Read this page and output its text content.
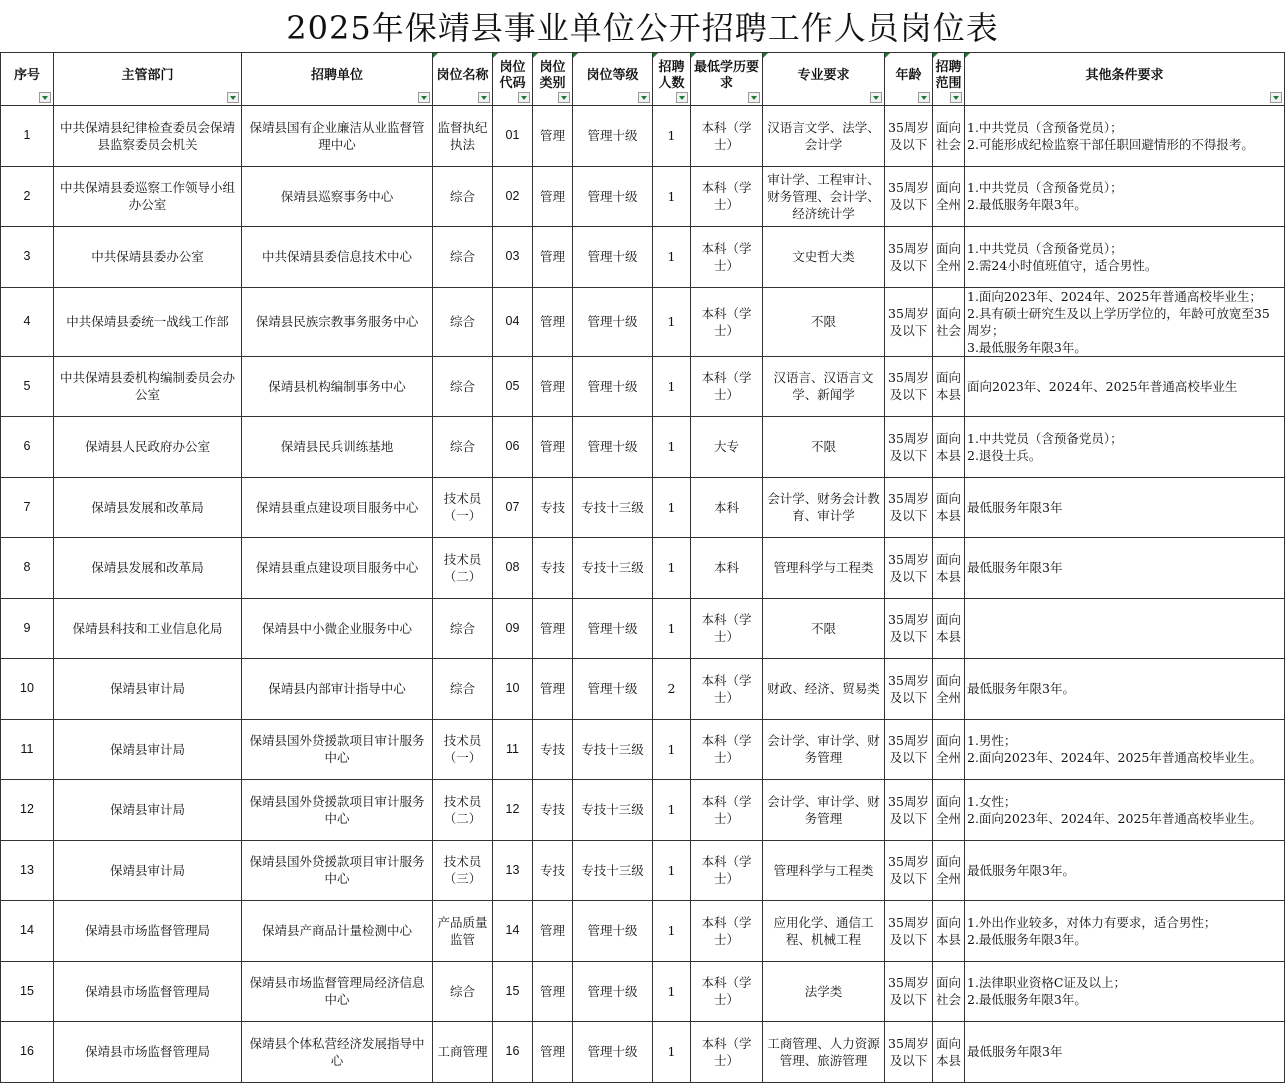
2025年保靖县事业单位公开招聘工作人员岗位表
序号	主管部门	招聘单位	岗位名称	岗位代码	岗位类别	岗位等级	招聘人数	最低学历要求	专业要求	年龄	招聘范围	其他条件要求

1	中共保靖县纪律检查委员会保靖县监察委员会机关	保靖县国有企业廉洁从业监督管理中心	监督执纪执法	01	管理	管理十级	1	本科（学士）	汉语言文学、法学、会计学	35周岁及以下	面向社会	1.中共党员（含预备党员）；
2.可能形成纪检监察干部任职回避情形的不得报考。
2	中共保靖县委巡察工作领导小组办公室	保靖县巡察事务中心	综合	02	管理	管理十级	1	本科（学士）	审计学、工程审计、财务管理、会计学、经济统计学	35周岁及以下	面向全州	1.中共党员（含预备党员）；
2.最低服务年限3年。
3	中共保靖县委办公室	中共保靖县委信息技术中心	综合	03	管理	管理十级	1	本科（学士）	文史哲大类	35周岁及以下	面向全州	1.中共党员（含预备党员）；
2.需24小时值班值守，适合男性。
4	中共保靖县委统一战线工作部	保靖县民族宗教事务服务中心	综合	04	管理	管理十级	1	本科（学士）	不限	35周岁及以下	面向社会	1.面向2023年、2024年、2025年普通高校毕业生；
2.具有硕士研究生及以上学历学位的，年龄可放宽至35周岁；
3.最低服务年限3年。
5	中共保靖县委机构编制委员会办公室	保靖县机构编制事务中心	综合	05	管理	管理十级	1	本科（学士）	汉语言、汉语言文学、新闻学	35周岁及以下	面向本县	面向2023年、2024年、2025年普通高校毕业生
6	保靖县人民政府办公室	保靖县民兵训练基地	综合	06	管理	管理十级	1	大专	不限	35周岁及以下	面向本县	1.中共党员（含预备党员）；
2.退役士兵。
7	保靖县发展和改革局	保靖县重点建设项目服务中心	技术员（一）	07	专技	专技十三级	1	本科	会计学、财务会计教育、审计学	35周岁及以下	面向本县	最低服务年限3年
8	保靖县发展和改革局	保靖县重点建设项目服务中心	技术员（二）	08	专技	专技十三级	1	本科	管理科学与工程类	35周岁及以下	面向本县	最低服务年限3年
9	保靖县科技和工业信息化局	保靖县中小微企业服务中心	综合	09	管理	管理十级	1	本科（学士）	不限	35周岁及以下	面向本县	
10	保靖县审计局	保靖县内部审计指导中心	综合	10	管理	管理十级	2	本科（学士）	财政、经济、贸易类	35周岁及以下	面向全州	最低服务年限3年。
11	保靖县审计局	保靖县国外贷援款项目审计服务中心	技术员（一）	11	专技	专技十三级	1	本科（学士）	会计学、审计学、财务管理	35周岁及以下	面向全州	1.男性；
2.面向2023年、2024年、2025年普通高校毕业生。
12	保靖县审计局	保靖县国外贷援款项目审计服务中心	技术员（二）	12	专技	专技十三级	1	本科（学士）	会计学、审计学、财务管理	35周岁及以下	面向全州	1.女性；
2.面向2023年、2024年、2025年普通高校毕业生。
13	保靖县审计局	保靖县国外贷援款项目审计服务中心	技术员（三）	13	专技	专技十三级	1	本科（学士）	管理科学与工程类	35周岁及以下	面向全州	最低服务年限3年。
14	保靖县市场监督管理局	保靖县产商品计量检测中心	产品质量监管	14	管理	管理十级	1	本科（学士）	应用化学、通信工程、机械工程	35周岁及以下	面向本县	1.外出作业较多，对体力有要求，适合男性；
2.最低服务年限3年。
15	保靖县市场监督管理局	保靖县市场监督管理局经济信息中心	综合	15	管理	管理十级	1	本科（学士）	法学类	35周岁及以下	面向社会	1.法律职业资格C证及以上；
2.最低服务年限3年。
16	保靖县市场监督管理局	保靖县个体私营经济发展指导中心	工商管理	16	管理	管理十级	1	本科（学士）	工商管理、人力资源管理、旅游管理	35周岁及以下	面向本县	最低服务年限3年
